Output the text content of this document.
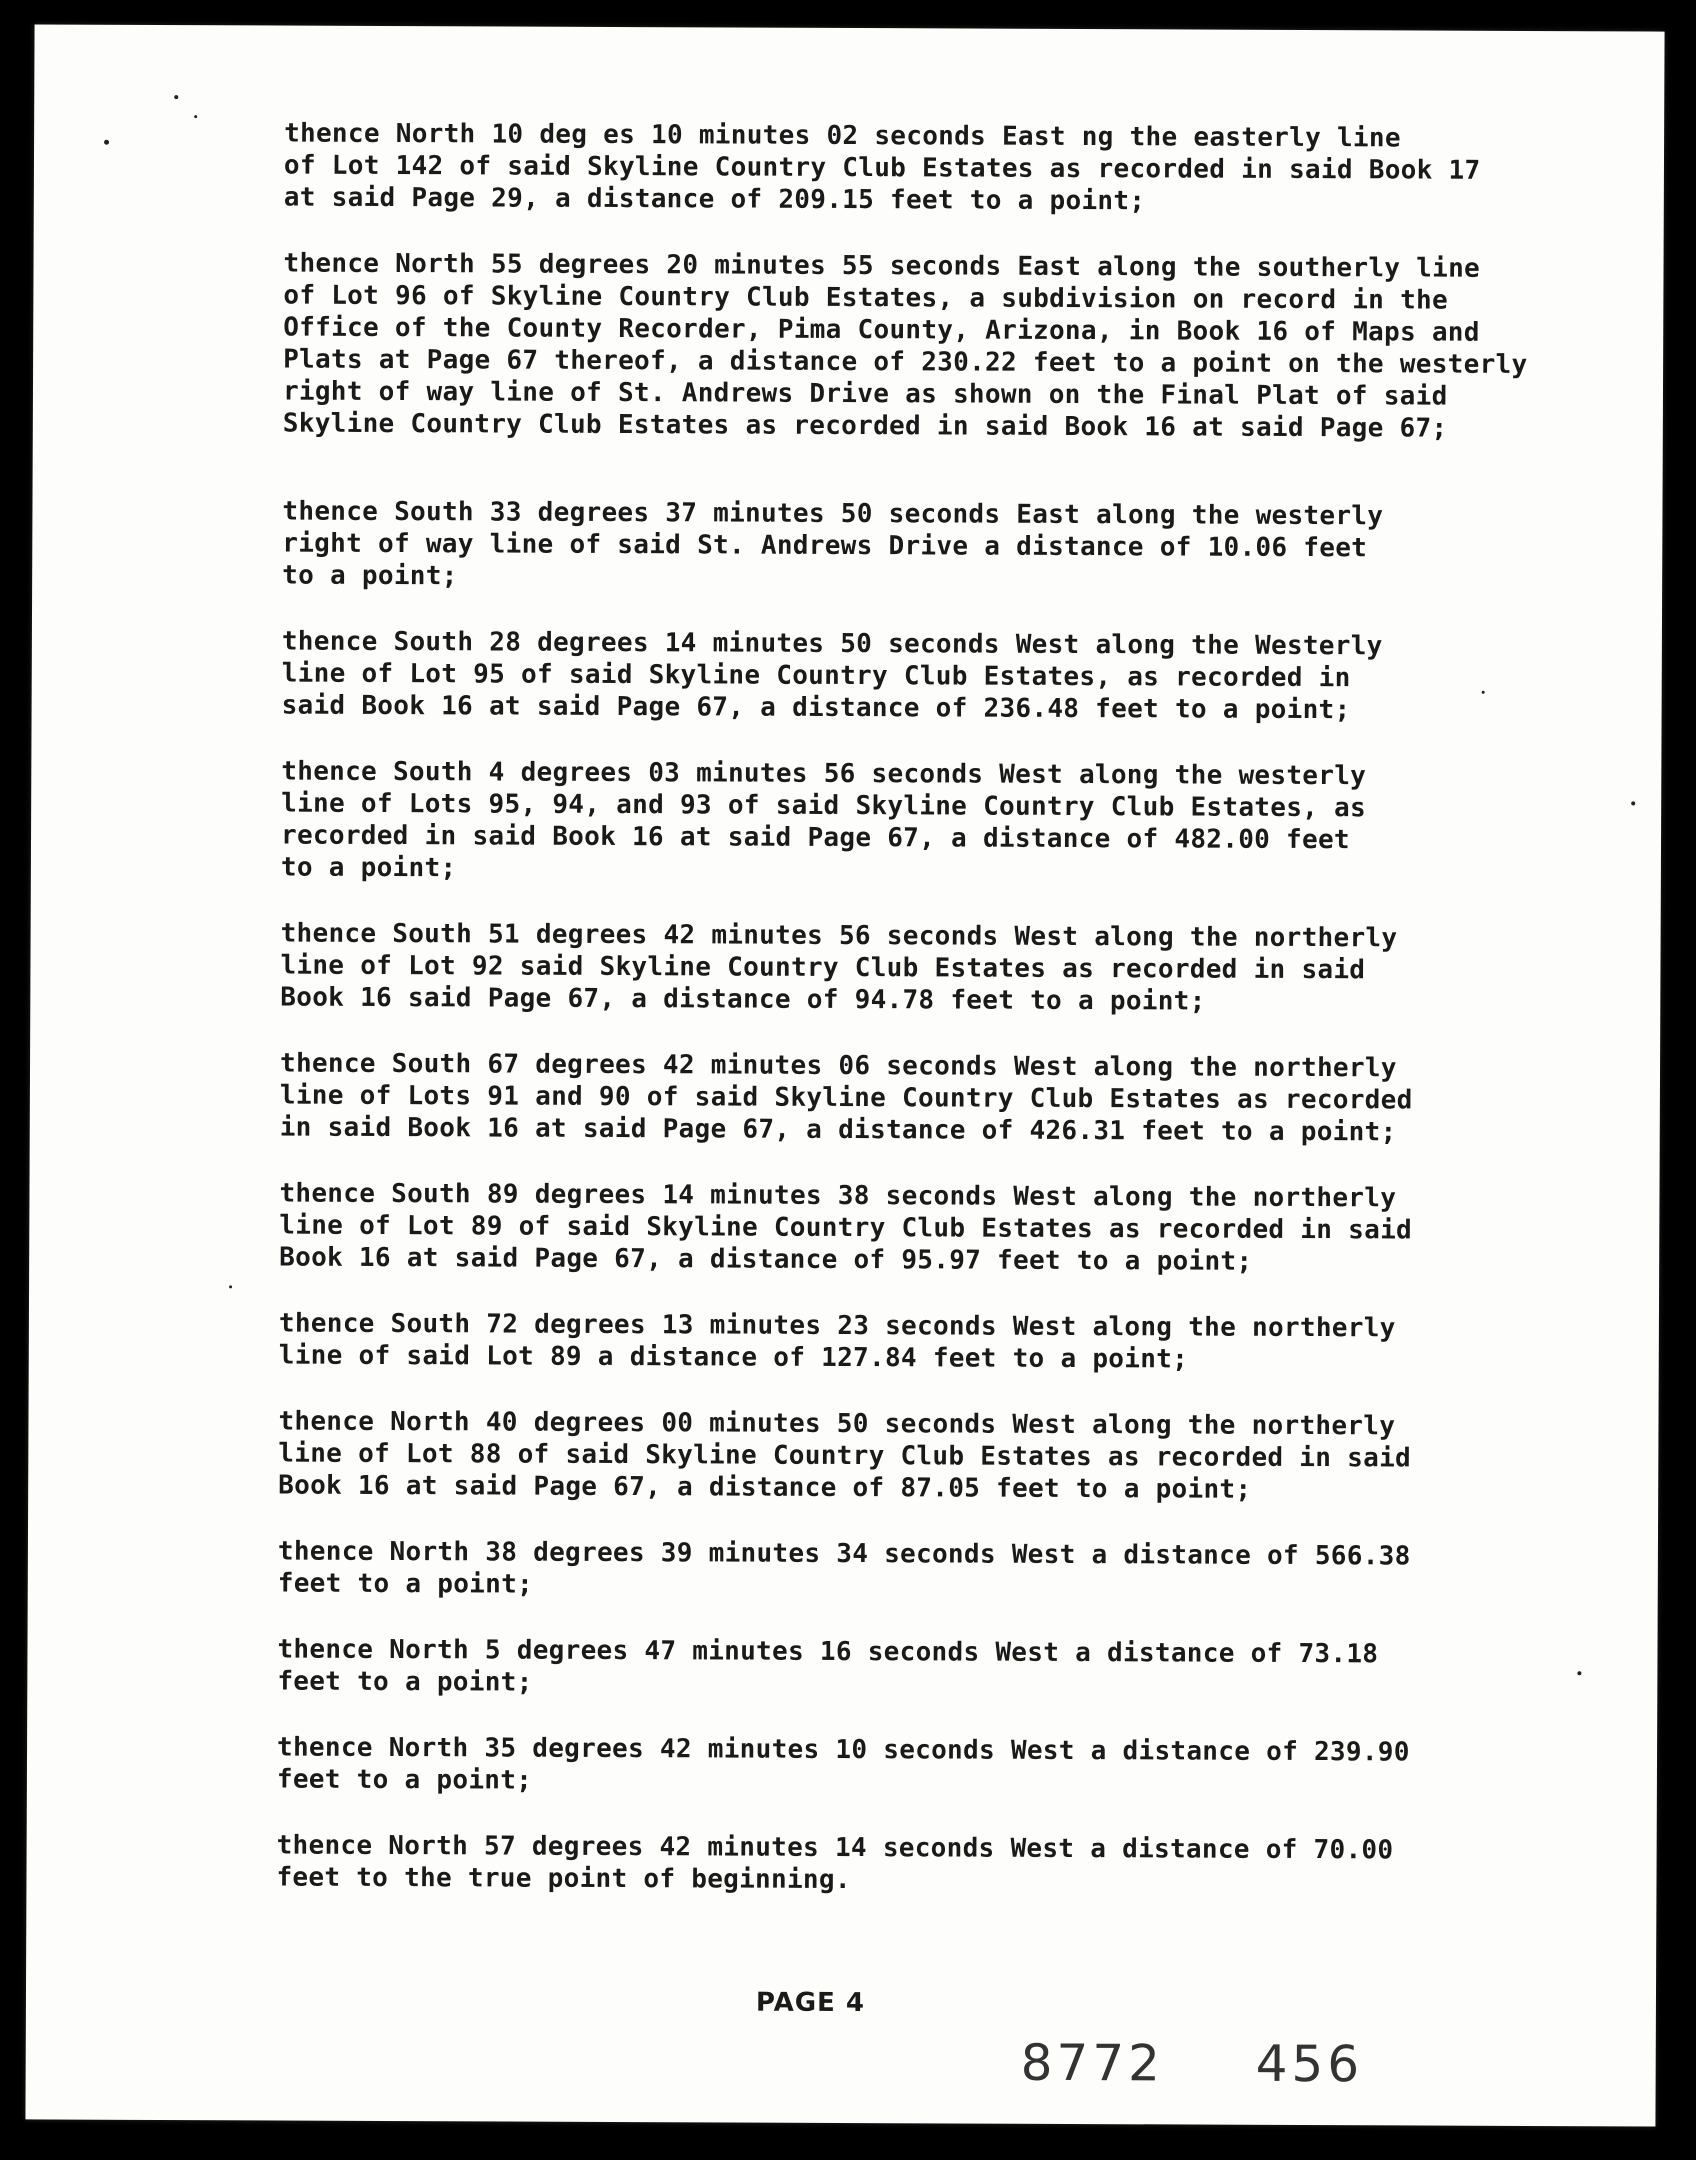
thence North 10 deg es 10 minutes 02 seconds East ng the easterly line
of Lot 142 of said Skyline Country Club Estates as recorded in said Book 17
at said Page 29, a distance of 209.15 feet to a point;

thence North 55 degrees 20 minutes 55 seconds East along the southerly line
of Lot 96 of Skyline Country Club Estates, a subdivision on record in the
Office of the County Recorder, Pima County, Arizona, in Book 16 of Maps and
Plats at Page 67 thereof, a distance of 230.22 feet to a point on the westerly
right of way line of St. Andrews Drive as shown on the Final Plat of said
Skyline Country Club Estates as recorded in said Book 16 at said Page 67;

thence South 33 degrees 37 minutes 50 seconds East along the westerly
right of way line of said St. Andrews Drive a distance of 10.06 feet
to a point;

thence South 28 degrees 14 minutes 50 seconds West along the Westerly
line of Lot 95 of said Skyline Country Club Estates, as recorded in
said Book 16 at said Page 67, a distance of 236.48 feet to a point;

thence South 4 degrees 03 minutes 56 seconds West along the westerly
line of Lots 95, 94, and 93 of said Skyline Country Club Estates, as
recorded in said Book 16 at said Page 67, a distance of 482.00 feet
to a point;

thence South 51 degrees 42 minutes 56 seconds West along the northerly
line of Lot 92 said Skyline Country Club Estates as recorded in said
Book 16 said Page 67, a distance of 94.78 feet to a point;

thence South 67 degrees 42 minutes 06 seconds West along the northerly
line of Lots 91 and 90 of said Skyline Country Club Estates as recorded
in said Book 16 at said Page 67, a distance of 426.31 feet to a point;

thence South 89 degrees 14 minutes 38 seconds West along the northerly
line of Lot 89 of said Skyline Country Club Estates as recorded in said
Book 16 at said Page 67, a distance of 95.97 feet to a point;

thence South 72 degrees 13 minutes 23 seconds West along the northerly
line of said Lot 89 a distance of 127.84 feet to a point;

thence North 40 degrees 00 minutes 50 seconds West along the northerly
line of Lot 88 of said Skyline Country Club Estates as recorded in said
Book 16 at said Page 67, a distance of 87.05 feet to a point;

thence North 38 degrees 39 minutes 34 seconds West a distance of 566.38
feet to a point;

thence North 5 degrees 47 minutes 16 seconds West a distance of 73.18
feet to a point;

thence North 35 degrees 42 minutes 10 seconds West a distance of 239.90
feet to a point;

thence North 57 degrees 42 minutes 14 seconds West a distance of 70.00
feet to the true point of beginning.

PAGE 4
8772 456
